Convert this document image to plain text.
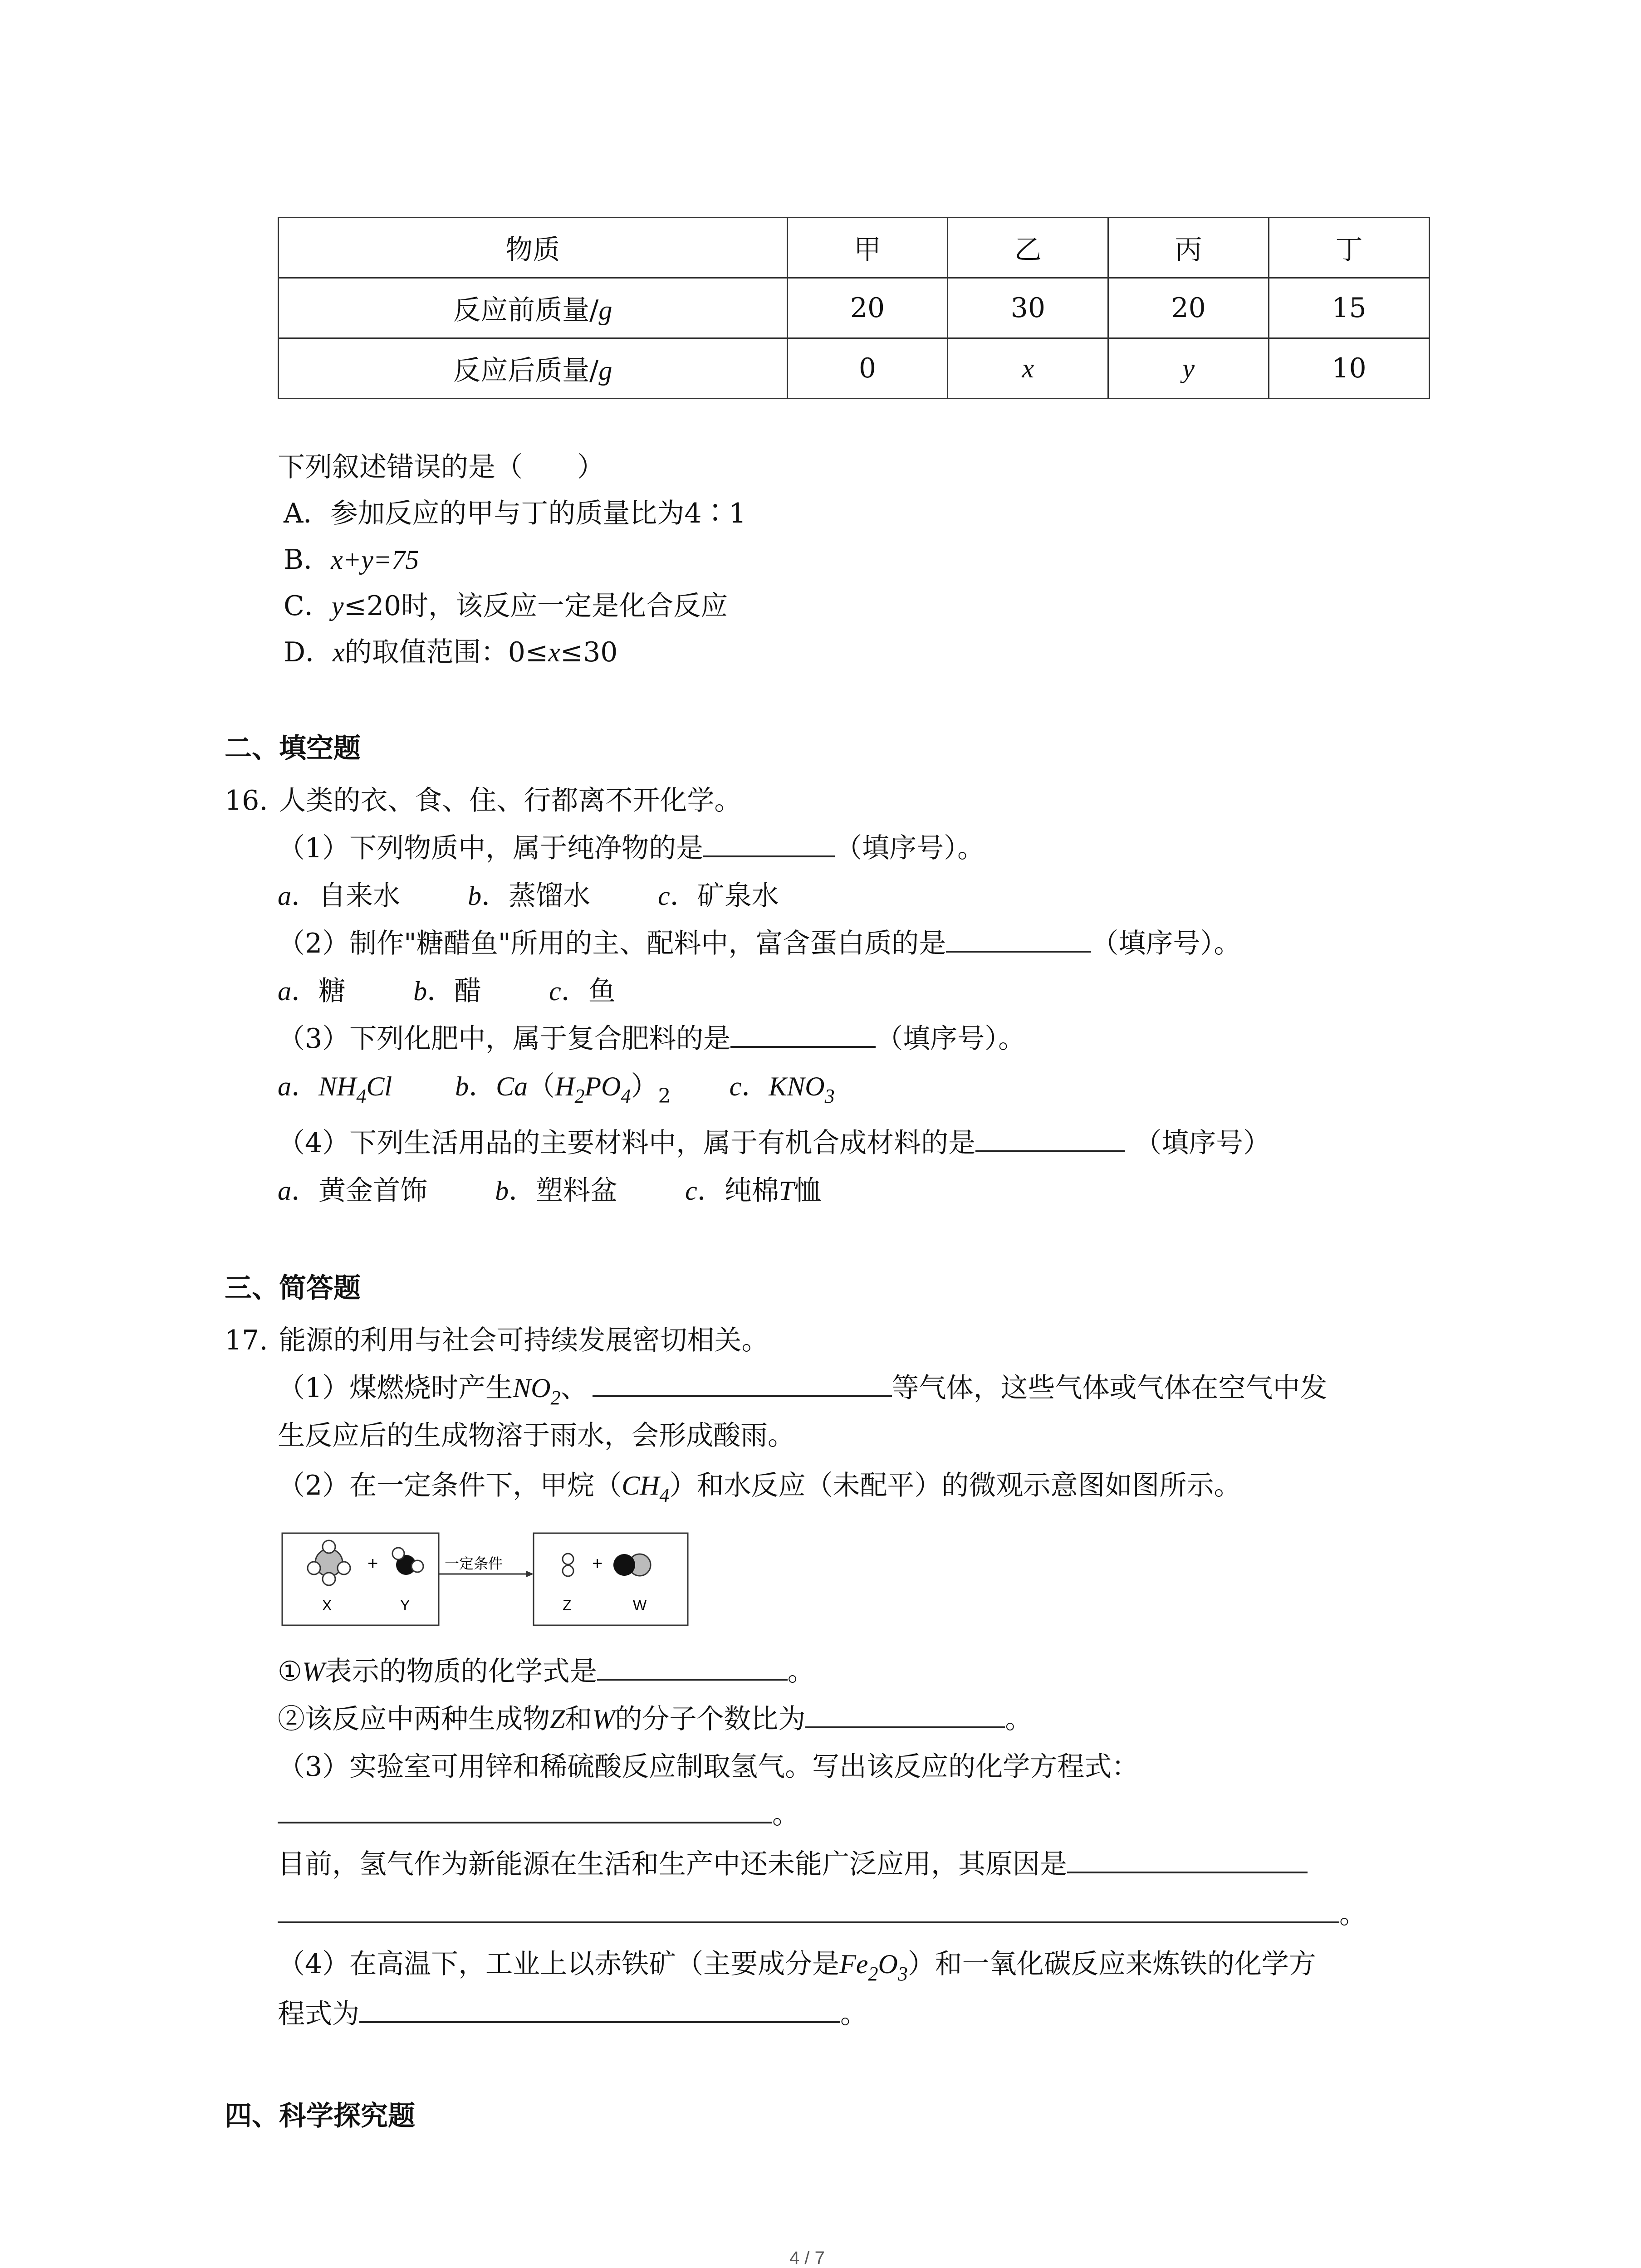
物质	甲	乙	丙	丁
反应前质量/g	20	30	20	15
反应后质量/g	0	x	y	10
下列叙述错误的是（　　）
A．参加反应的甲与丁的质量比为4∶1
B．x+y=75
C．y≤20时，该反应一定是化合反应
D．x的取值范围：0≤x≤30
二、填空题
16. 人类的衣、食、住、行都离不开化学。
（1）下列物质中，属于纯净物的是	（填序号）。
a．自来水 b．蒸馏水 c．矿泉水
（2）制作"糖醋鱼"所用的主、配料中，富含蛋白质的是	（填序号）。
a．糖 b．醋 c．鱼
（3）下列化肥中，属于复合肥料的是	（填序号）。
a．$NH_4Cl$ b．$Ca(H_2PO_4)_2$ c．$KNO_3$
（4）下列生活用品的主要材料中，属于有机合成材料的是	（填序号）
a．黄金首饰 b．塑料盆 c．纯棉T恤
三、简答题
17. 能源的利用与社会可持续发展密切相关。
（1）煤燃烧时产生$NO_2$、	等气体，这些气体或气体在空气中发
生反应后的生成物溶于雨水，会形成酸雨。
（2）在一定条件下，甲烷$(CH_4)$和水反应（未配平）的微观示意图如图所示。
+
X	Y
一定条件	+
Z	W
①W表示的物质的化学式是	。
②该反应中两种生成物Z和W的分子个数比为	。
（3）实验室可用锌和稀硫酸反应制取氢气。写出该反应的化学方程式：
。
目前，氢气作为新能源在生活和生产中还未能广泛应用，其原因是
。
（4）在高温下，工业上以赤铁矿（主要成分是$Fe_2O_3$）和一氧化碳反应来炼铁的化学方
程式为	。
四、科学探究题
4 / 7
